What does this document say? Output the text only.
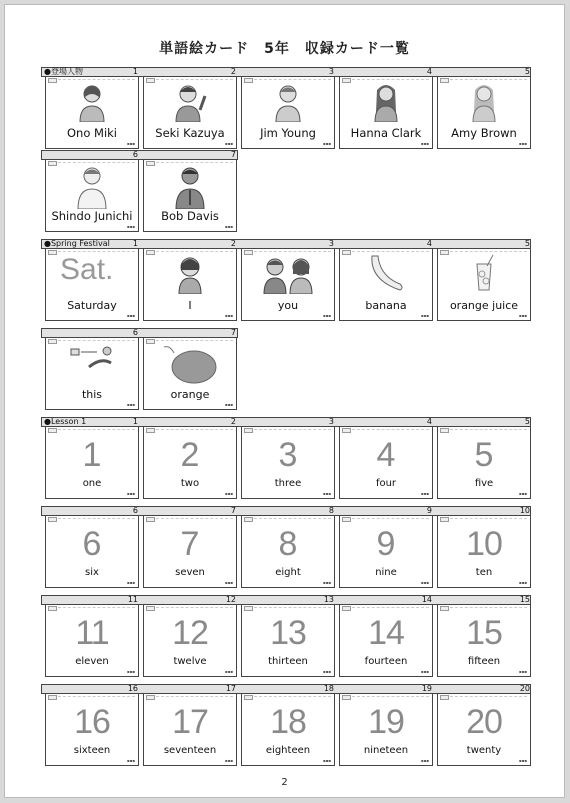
単語絵カード　5年　収録カード一覧
●登場人物	1	2	3	4	5
Ono Miki
▪▪▪
Seki Kazuya
▪▪▪
Jim Young
▪▪▪
Hanna Clark
▪▪▪
Amy Brown
▪▪▪
6	7
Shindo Junichi
▪▪▪
Bob Davis
▪▪▪
●Spring Festival	1	2	3	4	5
Sat.
Saturday
▪▪▪
I
▪▪▪
you
▪▪▪
banana
▪▪▪
orange juice
▪▪▪
6	7
this
▪▪▪
orange
▪▪▪
●Lesson 1	1	2	3	4	5
1
one
▪▪▪
2
two
▪▪▪
3
three
▪▪▪
4
four
▪▪▪
5
five
▪▪▪
6	7	8	9	10
6
six
▪▪▪
7
seven
▪▪▪
8
eight
▪▪▪
9
nine
▪▪▪
10
ten
▪▪▪
11	12	13	14	15
11
eleven
▪▪▪
12
twelve
▪▪▪
13
thirteen
▪▪▪
14
fourteen
▪▪▪
15
fifteen
▪▪▪
16	17	18	19	20
16
sixteen
▪▪▪
17
seventeen
▪▪▪
18
eighteen
▪▪▪
19
nineteen
▪▪▪
20
twenty
▪▪▪
2
